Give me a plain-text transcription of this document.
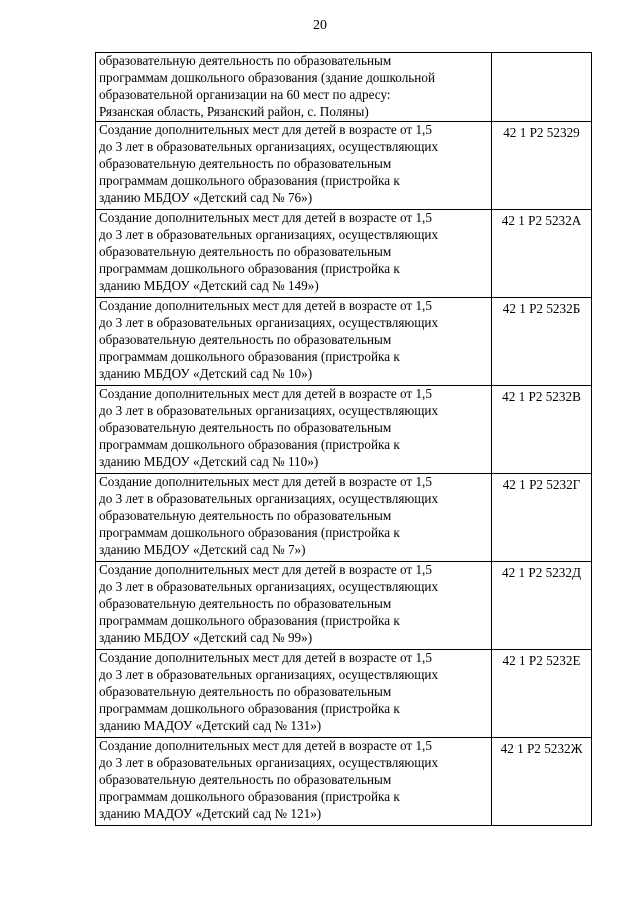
20
образовательную деятельность по образовательным
программам дошкольного образования (здание дошкольной
образовательной организации на 60 мест по адресу:
Рязанская область, Рязанский район, с. Поляны)	

Создание дополнительных мест для детей в возрасте от 1,5
до 3 лет в образовательных организациях, осуществляющих
образовательную деятельность по образовательным
программам дошкольного образования (пристройка к
зданию МБДОУ «Детский сад № 76»)	42 1 Р2 52329

Создание дополнительных мест для детей в возрасте от 1,5
до 3 лет в образовательных организациях, осуществляющих
образовательную деятельность по образовательным
программам дошкольного образования (пристройка к
зданию МБДОУ «Детский сад № 149»)	42 1 Р2 5232А

Создание дополнительных мест для детей в возрасте от 1,5
до 3 лет в образовательных организациях, осуществляющих
образовательную деятельность по образовательным
программам дошкольного образования (пристройка к
зданию МБДОУ «Детский сад № 10»)	42 1 Р2 5232Б

Создание дополнительных мест для детей в возрасте от 1,5
до 3 лет в образовательных организациях, осуществляющих
образовательную деятельность по образовательным
программам дошкольного образования (пристройка к
зданию МБДОУ «Детский сад № 110»)	42 1 Р2 5232В

Создание дополнительных мест для детей в возрасте от 1,5
до 3 лет в образовательных организациях, осуществляющих
образовательную деятельность по образовательным
программам дошкольного образования (пристройка к
зданию МБДОУ «Детский сад № 7»)	42 1 Р2 5232Г

Создание дополнительных мест для детей в возрасте от 1,5
до 3 лет в образовательных организациях, осуществляющих
образовательную деятельность по образовательным
программам дошкольного образования (пристройка к
зданию МБДОУ «Детский сад № 99»)	42 1 Р2 5232Д

Создание дополнительных мест для детей в возрасте от 1,5
до 3 лет в образовательных организациях, осуществляющих
образовательную деятельность по образовательным
программам дошкольного образования (пристройка к
зданию МАДОУ «Детский сад № 131»)	42 1 Р2 5232Е

Создание дополнительных мест для детей в возрасте от 1,5
до 3 лет в образовательных организациях, осуществляющих
образовательную деятельность по образовательным
программам дошкольного образования (пристройка к
зданию МАДОУ «Детский сад № 121»)	42 1 Р2 5232Ж
